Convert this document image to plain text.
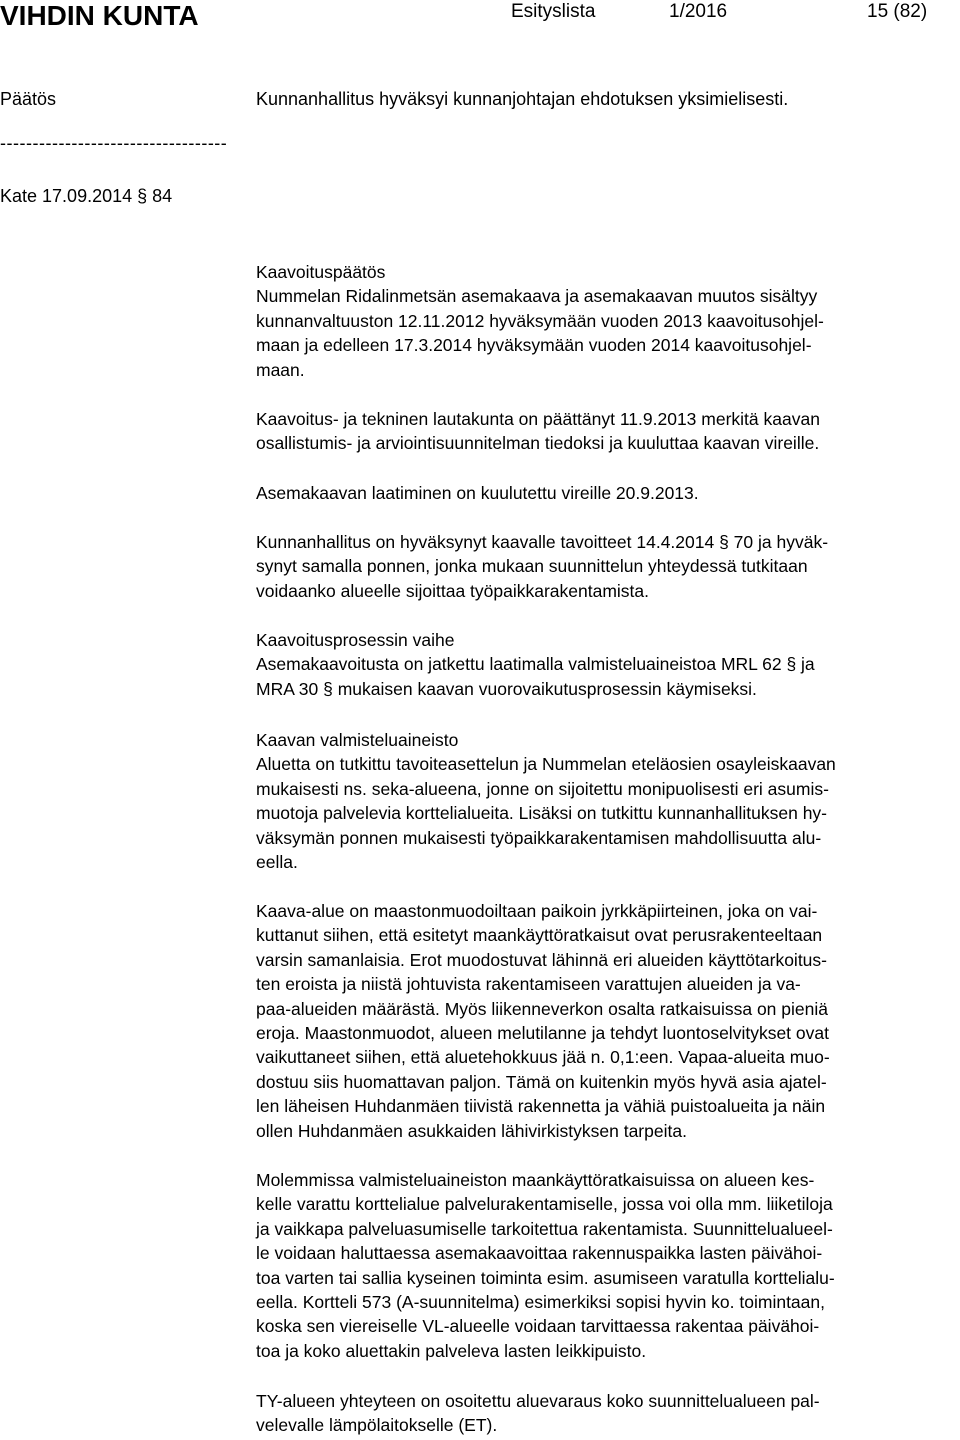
VIHDIN KUNTA	Esityslista	1/2016	15 (82)
Päätös	Kunnanhallitus hyväksyi kunnanjohtajan ehdotuksen yksimielisesti.
-----------------------------------
Kate 17.09.2014 § 84
Kaavoituspäätös
Nummelan Ridalinmetsän asemakaava ja asemakaavan muutos sisältyy
kunnanvaltuuston 12.11.2012 hyväksymään vuoden 2013 kaavoitusohjel-
maan ja edelleen 17.3.2014 hyväksymään vuoden 2014 kaavoitusohjel-
maan.
Kaavoitus- ja tekninen lautakunta on päättänyt 11.9.2013 merkitä kaavan
osallistumis- ja arviointisuunnitelman tiedoksi ja kuuluttaa kaavan vireille.
Asemakaavan laatiminen on kuulutettu vireille 20.9.2013.
Kunnanhallitus on hyväksynyt kaavalle tavoitteet 14.4.2014 § 70 ja hyväk-
synyt samalla ponnen, jonka mukaan suunnittelun yhteydessä tutkitaan
voidaanko alueelle sijoittaa työpaikkarakentamista.
Kaavoitusprosessin vaihe
Asemakaavoitusta on jatkettu laatimalla valmisteluaineistoa MRL 62 § ja
MRA 30 § mukaisen kaavan vuorovaikutusprosessin käymiseksi.
Kaavan valmisteluaineisto
Aluetta on tutkittu tavoiteasettelun ja Nummelan eteläosien osayleiskaavan
mukaisesti ns. seka-alueena, jonne on sijoitettu monipuolisesti eri asumis-
muotoja palvelevia korttelialueita. Lisäksi on tutkittu kunnanhallituksen hy-
väksymän ponnen mukaisesti työpaikkarakentamisen mahdollisuutta alu-
eella.
Kaava-alue on maastonmuodoiltaan paikoin jyrkkäpiirteinen, joka on vai-
kuttanut siihen, että esitetyt maankäyttöratkaisut ovat perusrakenteeltaan
varsin samanlaisia. Erot muodostuvat lähinnä eri alueiden käyttötarkoitus-
ten eroista ja niistä johtuvista rakentamiseen varattujen alueiden ja va-
paa-alueiden määrästä. Myös liikenneverkon osalta ratkaisuissa on pieniä
eroja. Maastonmuodot, alueen melutilanne ja tehdyt luontoselvitykset ovat
vaikuttaneet siihen, että aluetehokkuus jää n. 0,1:een. Vapaa-alueita muo-
dostuu siis huomattavan paljon. Tämä on kuitenkin myös hyvä asia ajatel-
len läheisen Huhdanmäen tiivistä rakennetta ja vähiä puistoalueita ja näin
ollen Huhdanmäen asukkaiden lähivirkistyksen tarpeita.
Molemmissa valmisteluaineiston maankäyttöratkaisuissa on alueen kes-
kelle varattu korttelialue palvelurakentamiselle, jossa voi olla mm. liiketiloja
ja vaikkapa palveluasumiselle tarkoitettua rakentamista. Suunnittelualueel-
le voidaan haluttaessa asemakaavoittaa rakennuspaikka lasten päivähoi-
toa varten tai sallia kyseinen toiminta esim. asumiseen varatulla korttelialu-
eella. Kortteli 573 (A-suunnitelma) esimerkiksi sopisi hyvin ko. toimintaan,
koska sen viereiselle VL-alueelle voidaan tarvittaessa rakentaa päivähoi-
toa ja koko aluettakin palveleva lasten leikkipuisto.
TY-alueen yhteyteen on osoitettu aluevaraus koko suunnittelualueen pal-
velevalle lämpölaitokselle (ET).
